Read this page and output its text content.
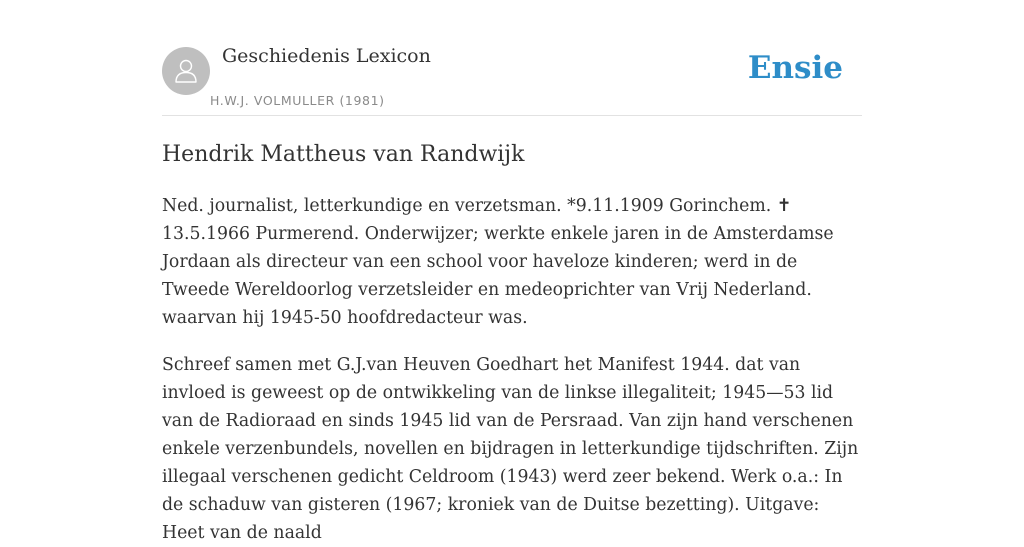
Geschiedenis Lexicon
H.W.J. VOLMULLER (1981)
Ensie
Hendrik Mattheus van Randwijk

Ned. journalist, letterkundige en verzetsman. *9.11.1909 Gorinchem. ✝ 13.5.1966 Purmerend. Onderwijzer; werkte enkele jaren in de Amsterdamse Jordaan als directeur van een school voor haveloze kinderen; werd in de Tweede Wereldoorlog verzetsleider en medeoprichter van Vrij Nederland. waarvan hij 1945-50 hoofdredacteur was.

Schreef samen met G.J.van Heuven Goedhart het Manifest 1944. dat van invloed is geweest op de ontwikkeling van de linkse illegaliteit; 1945—53 lid van de Radioraad en sinds 1945 lid van de Persraad. Van zijn hand verschenen enkele verzenbundels, novellen en bijdragen in letterkundige tijdschriften. Zijn illegaal verschenen gedicht Celdroom (1943) werd zeer bekend. Werk o.a.: In de schaduw van gisteren (1967; kroniek van de Duitse bezetting). Uitgave: Heet van de naald
